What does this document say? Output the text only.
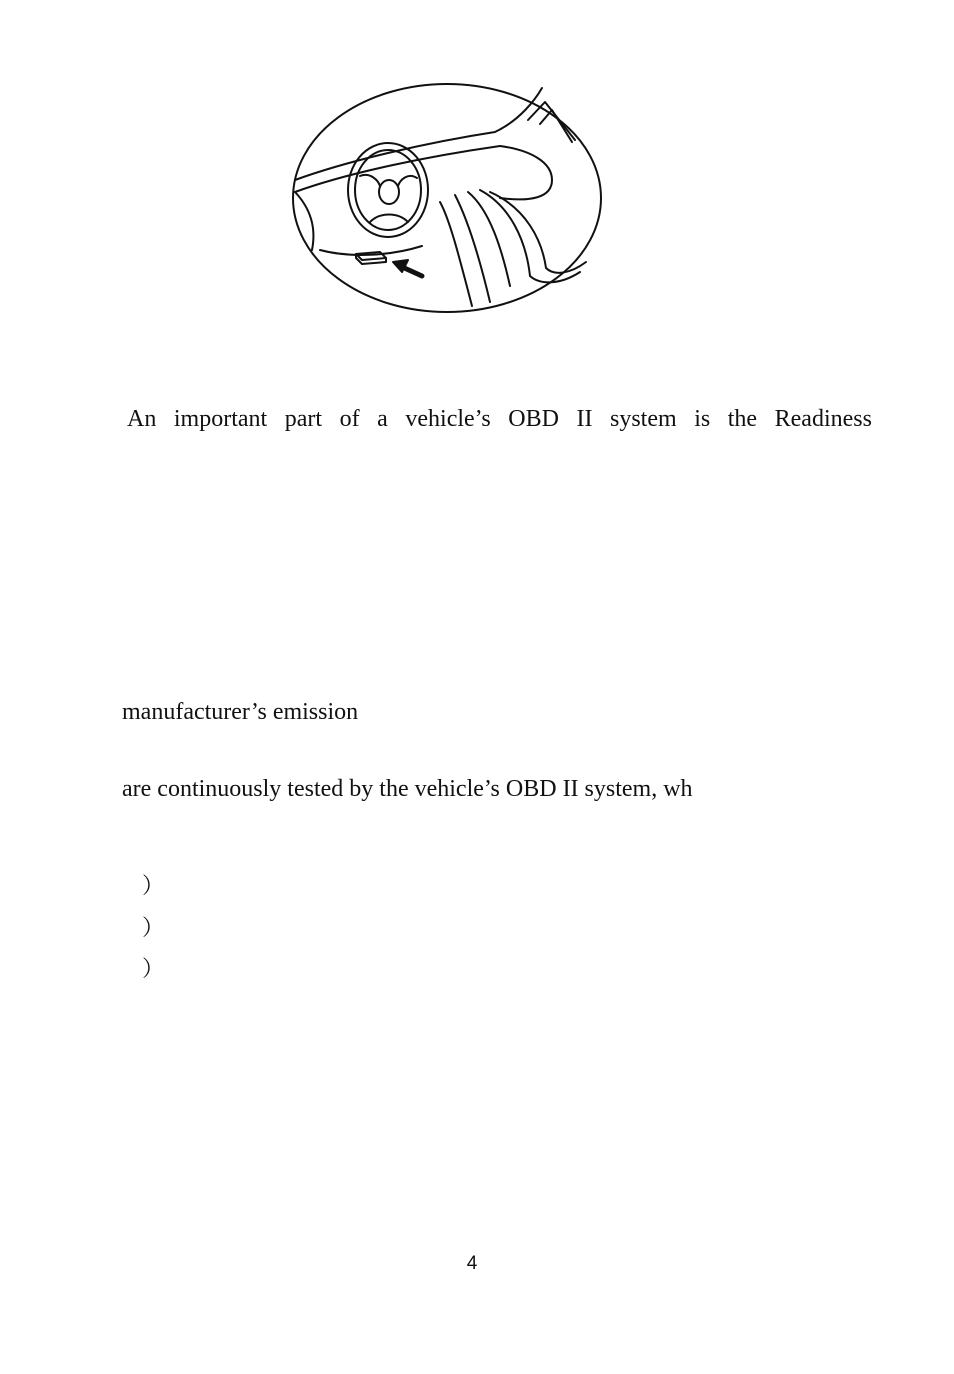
An important part of a vehicle’s OBD II system is the Readiness
manufacturer’s emission
are continuously tested by the vehicle’s OBD II system, wh
）
）
）
4
